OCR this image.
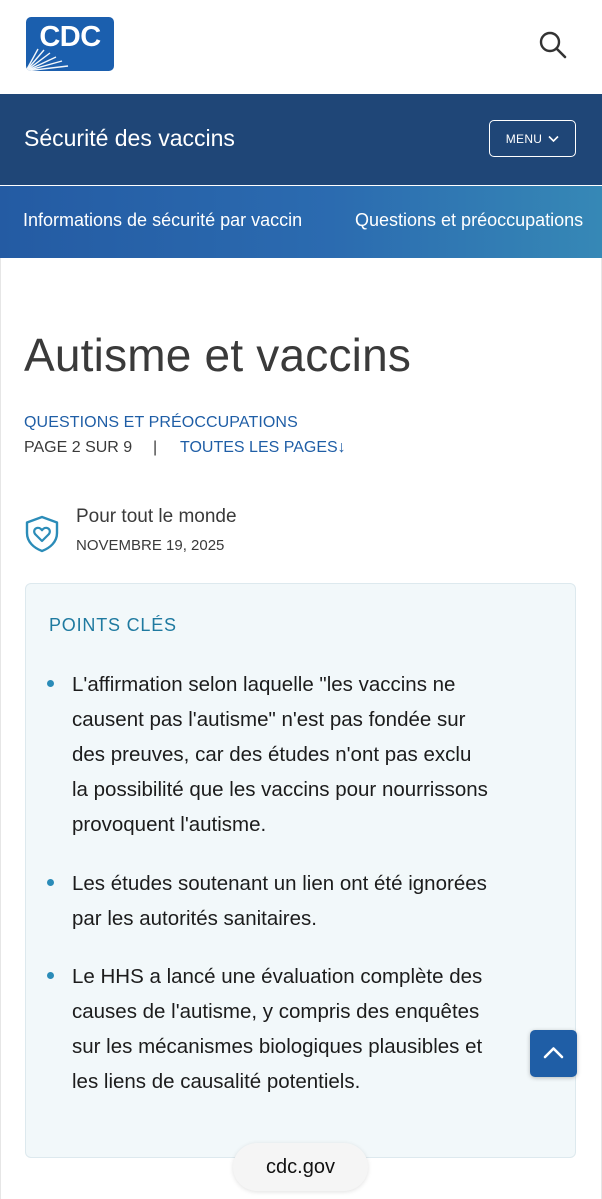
CDC
Sécurité des vaccins	MENU
Informations de sécurité par vaccin	Questions et préoccupations
Autisme et vaccins
QUESTIONS ET PRÉOCCUPATIONS
PAGE 2 SUR 9 | TOUTES LES PAGES↓
Pour tout le monde
NOVEMBRE 19, 2025
POINTS CLÉS
L'affirmation selon laquelle "les vaccins ne
causent pas l'autisme" n'est pas fondée sur
des preuves, car des études n'ont pas exclu
la possibilité que les vaccins pour nourrissons
provoquent l'autisme.
Les études soutenant un lien ont été ignorées
par les autorités sanitaires.
Le HHS a lancé une évaluation complète des
causes de l'autisme, y compris des enquêtes
sur les mécanismes biologiques plausibles et
les liens de causalité potentiels.
cdc.gov
